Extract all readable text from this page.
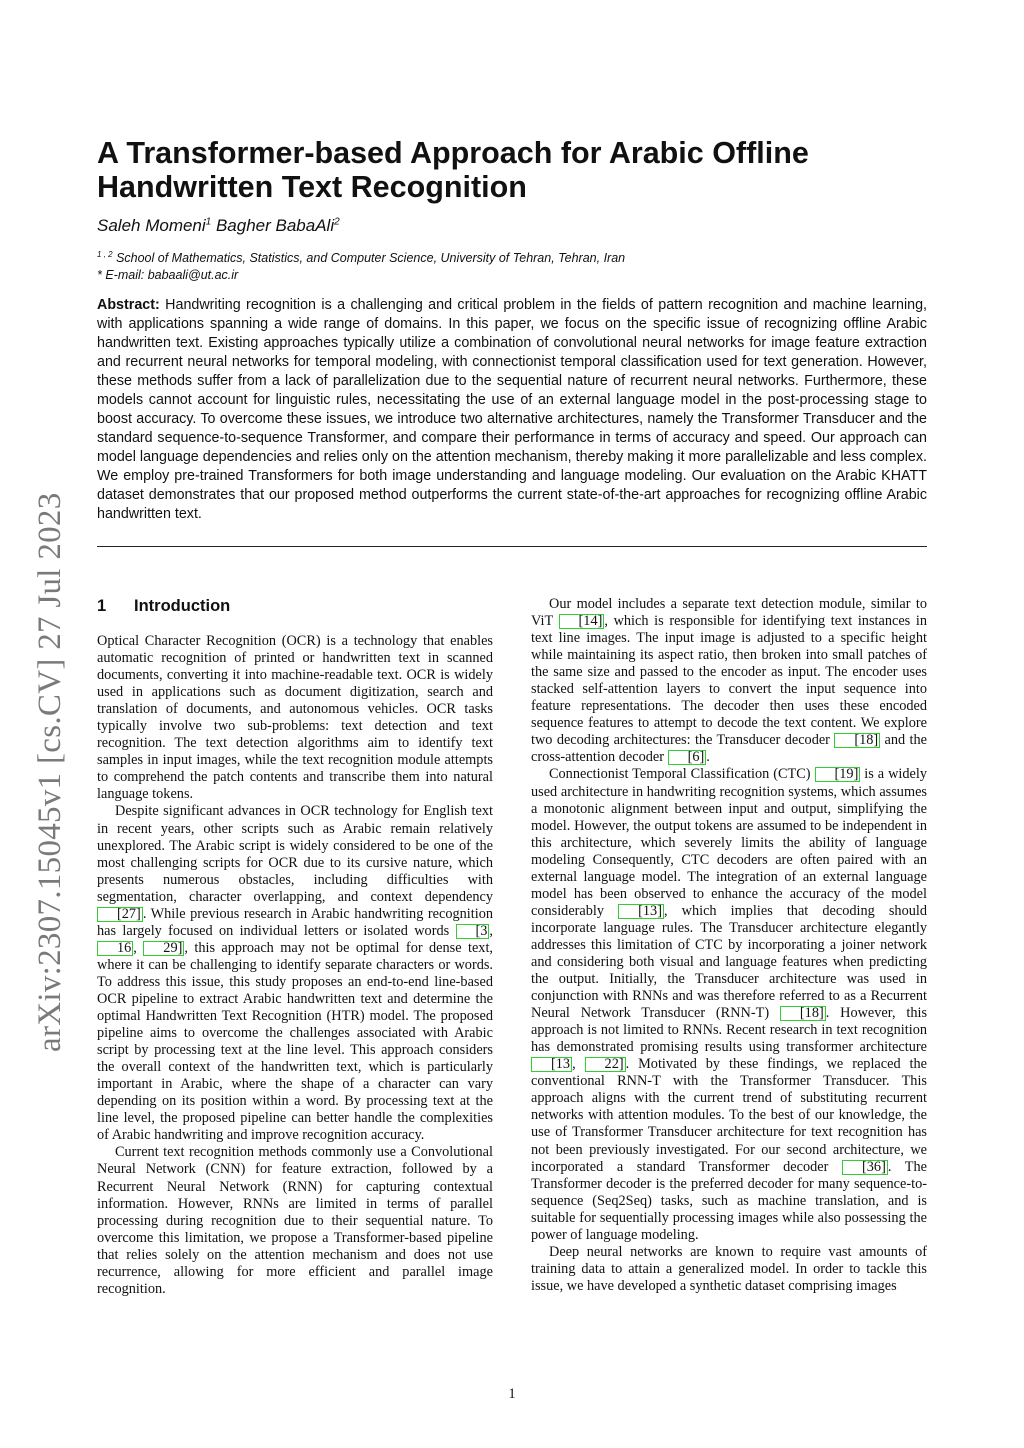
arXiv:2307.15045v1 [cs.CV] 27 Jul 2023
A Transformer-based Approach for Arabic Offline Handwritten Text Recognition

Saleh Momeni$^1$ Bagher BabaAli$^2$

$^{1 , 2}$ School of Mathematics, Statistics, and Computer Science, University of Tehran, Tehran, Iran
* E-mail: babaali@ut.ac.ir

Abstract: Handwriting recognition is a challenging and critical problem in the fields of pattern recognition and machine learning, with applications spanning a wide range of domains. In this paper, we focus on the specific issue of recognizing offline Arabic handwritten text. Existing approaches typically utilize a combination of convolutional neural networks for image feature extraction and recurrent neural networks for temporal modeling, with connectionist temporal classification used for text generation. However, these methods suffer from a lack of parallelization due to the sequential nature of recurrent neural networks. Furthermore, these models cannot account for linguistic rules, necessitating the use of an external language model in the post-processing stage to boost accuracy. To overcome these issues, we introduce two alternative architectures, namely the Transformer Transducer and the standard sequence-to-sequence Transformer, and compare their performance in terms of accuracy and speed. Our approach can model language dependencies and relies only on the attention mechanism, thereby making it more parallelizable and less complex. We employ pre-trained Transformers for both image understanding and language modeling. Our evaluation on the Arabic KHATT dataset demonstrates that our proposed method outperforms the current state-of-the-art approaches for recognizing offline Arabic handwritten text.

1 Introduction

Optical Character Recognition (OCR) is a technology that enables automatic recognition of printed or handwritten text in scanned documents, converting it into machine-readable text. OCR is widely used in applications such as document digitization, search and translation of documents, and autonomous vehicles. OCR tasks typically involve two sub-problems: text detection and text recognition. The text detection algorithms aim to identify text samples in input images, while the text recognition module attempts to comprehend the patch contents and transcribe them into natural language tokens.

Despite significant advances in OCR technology for English text in recent years, other scripts such as Arabic remain relatively unexplored. The Arabic script is widely considered to be one of the most challenging scripts for OCR due to its cursive nature, which presents numerous obstacles, including difficulties with segmentation, character overlapping, and context dependency [27] . While previous research in Arabic handwriting recognition has largely focused on individual letters or isolated words [3 , 16 , 29] , this approach may not be optimal for dense text, where it can be challenging to identify separate characters or words. To address this issue, this study proposes an end-to-end line-based OCR pipeline to extract Arabic handwritten text and determine the optimal Handwritten Text Recognition (HTR) model. The proposed pipeline aims to overcome the challenges associated with Arabic script by processing text at the line level. This approach considers the overall context of the handwritten text, which is particularly important in Arabic, where the shape of a character can vary depending on its position within a word. By processing text at the line level, the proposed pipeline can better handle the complexities of Arabic handwriting and improve recognition accuracy.

Current text recognition methods commonly use a Convolutional Neural Network (CNN) for feature extraction, followed by a Recurrent Neural Network (RNN) for capturing contextual information. However, RNNs are limited in terms of parallel processing during recognition due to their sequential nature. To overcome this limitation, we propose a Transformer-based pipeline that relies solely on the attention mechanism and does not use recurrence, allowing for more efficient and parallel image recognition.

Our model includes a separate text detection module, similar to ViT [14] , which is responsible for identifying text instances in text line images. The input image is adjusted to a specific height while maintaining its aspect ratio, then broken into small patches of the same size and passed to the encoder as input. The encoder uses stacked self-attention layers to convert the input sequence into feature representations. The decoder then uses these encoded sequence features to attempt to decode the text content. We explore two decoding architectures: the Transducer decoder [18] and the cross-attention decoder [6] .

Connectionist Temporal Classification (CTC) [19] is a widely used architecture in handwriting recognition systems, which assumes a monotonic alignment between input and output, simplifying the model. However, the output tokens are assumed to be independent in this architecture, which severely limits the ability of language modeling Consequently, CTC decoders are often paired with an external language model. The integration of an external language model has been observed to enhance the accuracy of the model considerably [13] , which implies that decoding should incorporate language rules. The Transducer architecture elegantly addresses this limitation of CTC by incorporating a joiner network and considering both visual and language features when predicting the output. Initially, the Transducer architecture was used in conjunction with RNNs and was therefore referred to as a Recurrent Neural Network Transducer (RNN-T) [18] . However, this approach is not limited to RNNs. Recent research in text recognition has demonstrated promising results using transformer architecture [13 , 22] . Motivated by these findings, we replaced the conventional RNN-T with the Transformer Transducer. This approach aligns with the current trend of substituting recurrent networks with attention modules. To the best of our knowledge, the use of Transformer Transducer architecture for text recognition has not been previously investigated. For our second architecture, we incorporated a standard Transformer decoder [36] . The Transformer decoder is the preferred decoder for many sequence-to-sequence (Seq2Seq) tasks, such as machine translation, and is suitable for sequentially processing images while also possessing the power of language modeling.

Deep neural networks are known to require vast amounts of training data to attain a generalized model. In order to tackle this issue, we have developed a synthetic dataset comprising images

1
